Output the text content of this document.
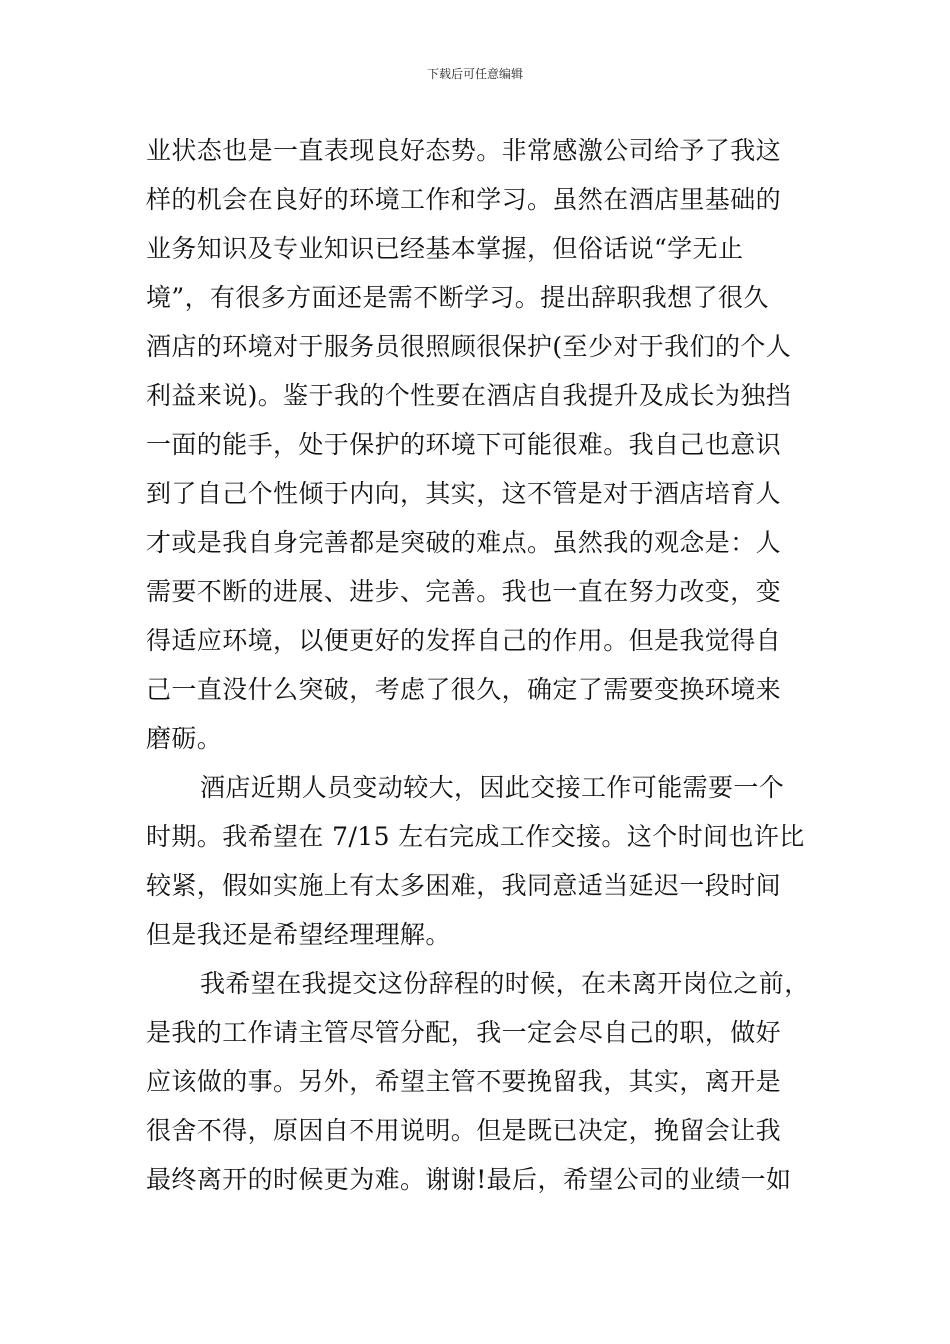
下载后可任意编辑
业状态也是一直表现良好态势。非常感激公司给予了我这
样的机会在良好的环境工作和学习。虽然在酒店里基础的
业务知识及专业知识已经基本掌握，但俗话说“学无止
境”，有很多方面还是需不断学习。提出辞职我想了很久
酒店的环境对于服务员很照顾很保护(至少对于我们的个人
利益来说)。鉴于我的个性要在酒店自我提升及成长为独挡
一面的能手，处于保护的环境下可能很难。我自己也意识
到了自己个性倾于内向，其实，这不管是对于酒店培育人
才或是我自身完善都是突破的难点。虽然我的观念是：人
需要不断的进展、进步、完善。我也一直在努力改变，变
得适应环境，以便更好的发挥自己的作用。但是我觉得自
己一直没什么突破，考虑了很久，确定了需要变换环境来
磨砺。
酒店近期人员变动较大，因此交接工作可能需要一个
时期。我希望在 7/15 左右完成工作交接。这个时间也许比
较紧，假如实施上有太多困难，我同意适当延迟一段时间
但是我还是希望经理理解。
我希望在我提交这份辞程的时候，在未离开岗位之前，
是我的工作请主管尽管分配，我一定会尽自己的职，做好
应该做的事。另外，希望主管不要挽留我，其实，离开是
很舍不得，原因自不用说明。但是既已决定，挽留会让我
最终离开的时候更为难。谢谢!最后，希望公司的业绩一如
